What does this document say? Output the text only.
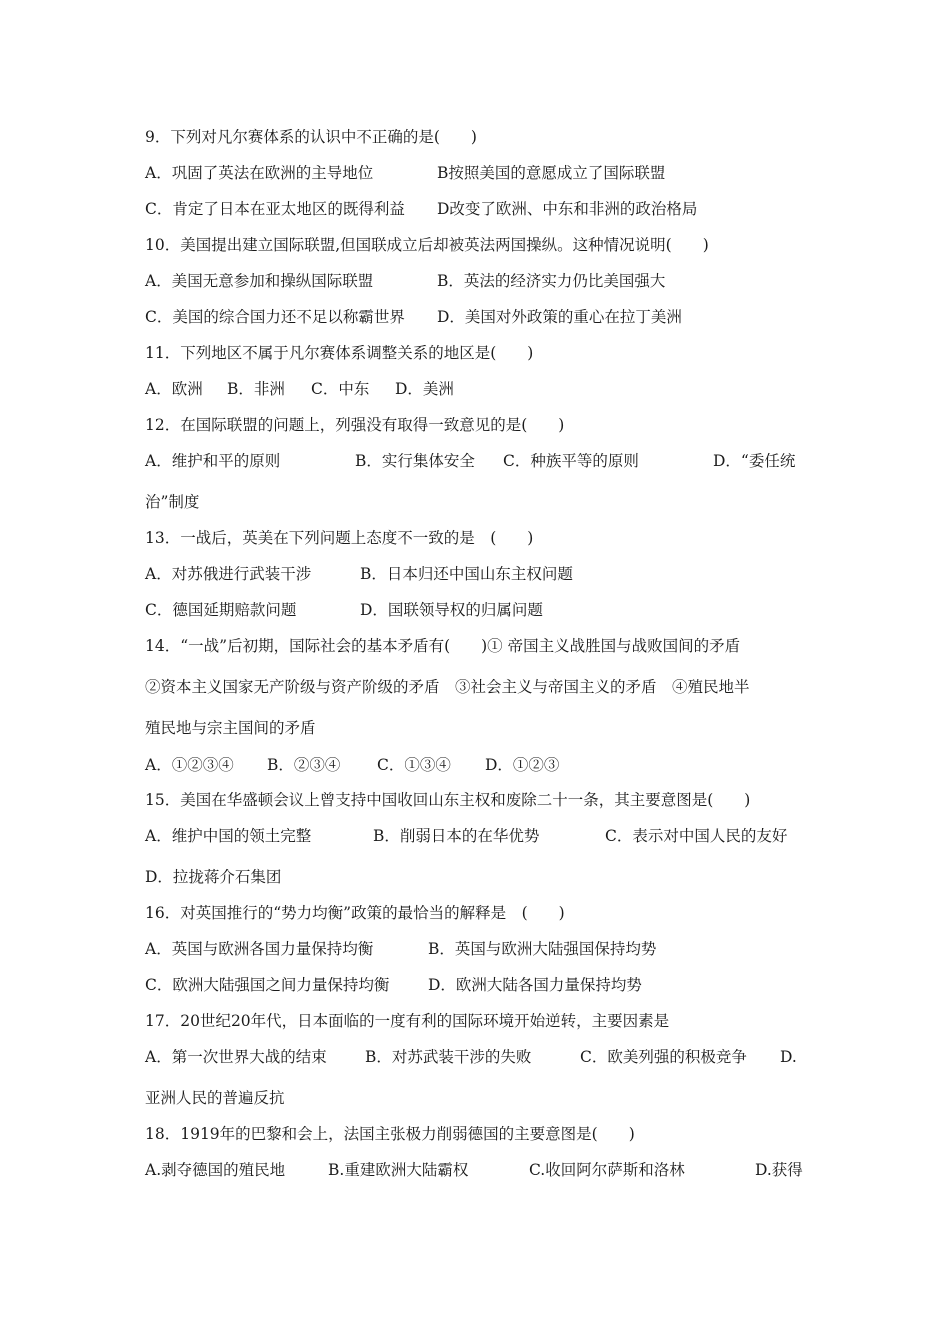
9．下列对凡尔赛体系的认识中不正确的是(　　)
A．巩固了英法在欧洲的主导地位	B按照美国的意愿成立了国际联盟
C．肯定了日本在亚太地区的既得利益 D改变了欧洲、中东和非洲的政治格局
10．美国提出建立国际联盟,但国联成立后却被英法两国操纵。这种情况说明(　　)
A．美国无意参加和操纵国际联盟	B．英法的经济实力仍比美国强大
C．美国的综合国力还不足以称霸世界 D．美国对外政策的重心在拉丁美洲
11．下列地区不属于凡尔赛体系调整关系的地区是(　　)
A．欧洲 B．非洲 C．中东 D．美洲
12．在国际联盟的问题上，列强没有取得一致意见的是(　　)
A．维护和平的原则	B．实行集体安全 C．种族平等的原则	D．“委任统
治”制度
13．一战后，英美在下列问题上态度不一致的是　(　　)
A．对苏俄进行武装干涉	B．日本归还中国山东主权问题
C．德国延期赔款问题	D．国联领导权的归属问题
14．“一战”后初期，国际社会的基本矛盾有(　　)① 帝国主义战胜国与战败国间的矛盾
②资本主义国家无产阶级与资产阶级的矛盾　③社会主义与帝国主义的矛盾　④殖民地半
殖民地与宗主国间的矛盾
A．①②③④ B．②③④ C．①③④ D．①②③
15．美国在华盛顿会议上曾支持中国收回山东主权和废除二十一条，其主要意图是(　　)
A．维护中国的领土完整	B．削弱日本的在华优势	C．表示对中国人民的友好
D．拉拢蒋介石集团
16．对英国推行的“势力均衡”政策的最恰当的解释是　(　　)
A．英国与欧洲各国力量保持均衡	B．英国与欧洲大陆强国保持均势
C．欧洲大陆强国之间力量保持均衡 D．欧洲大陆各国力量保持均势
17．20世纪20年代，日本面临的一度有利的国际环境开始逆转，主要因素是
A．第一次世界大战的结束 B．对苏武装干涉的失败	C．欧美列强的积极竞争 D.
亚洲人民的普遍反抗
18．1919年的巴黎和会上，法国主张极力削弱德国的主要意图是(　　)
A.剥夺德国的殖民地	B.重建欧洲大陆霸权	C.收回阿尔萨斯和洛林	D.获得
